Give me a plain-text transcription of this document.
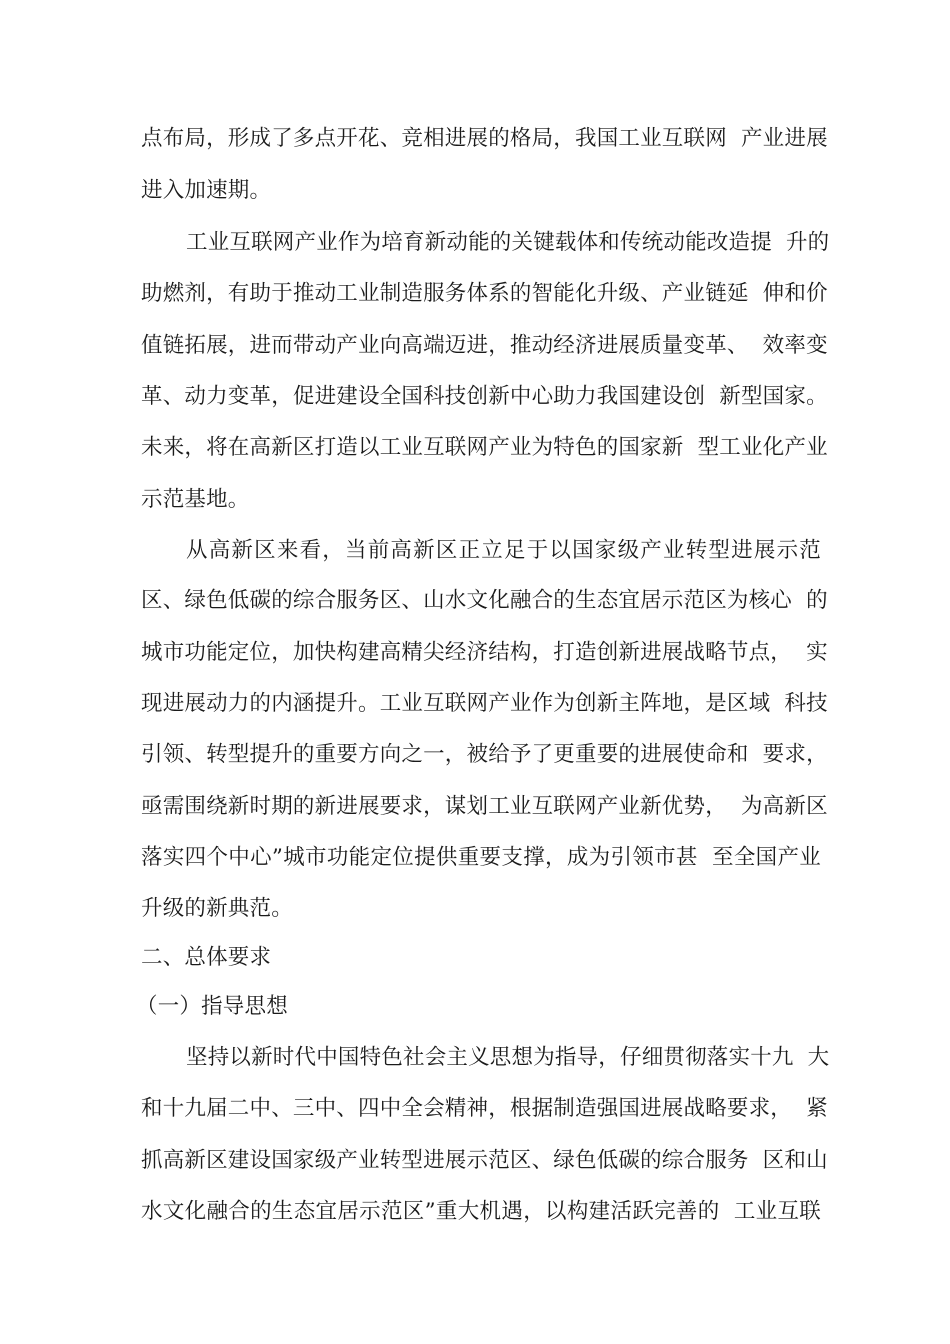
点布局，形成了多点开花、竞相进展的格局，我国工业互联网  产业进展
进入加速期。
工业互联网产业作为培育新动能的关键载体和传统动能改造提  升的
助燃剂，有助于推动工业制造服务体系的智能化升级、产业链延  伸和价
值链拓展，进而带动产业向高端迈进，推动经济进展质量变革、  效率变
革、动力变革，促进建设全国科技创新中心助力我国建设创  新型国家。
未来，将在高新区打造以工业互联网产业为特色的国家新  型工业化产业
示范基地。
从高新区来看，当前高新区正立足于以国家级产业转型进展示范
区、绿色低碳的综合服务区、山水文化融合的生态宜居示范区为核心  的
城市功能定位，加快构建高精尖经济结构，打造创新进展战略节点，  实
现进展动力的内涵提升。工业互联网产业作为创新主阵地，是区域  科技
引领、转型提升的重要方向之一，被给予了更重要的进展使命和  要求，
亟需围绕新时期的新进展要求，谋划工业互联网产业新优势，  为高新区
落实四个中心”城市功能定位提供重要支撑，成为引领市甚  至全国产业
升级的新典范。
二、总体要求
（一）指导思想
坚持以新时代中国特色社会主义思想为指导，仔细贯彻落实十九  大
和十九届二中、三中、四中全会精神，根据制造强国进展战略要求，  紧
抓高新区建设国家级产业转型进展示范区、绿色低碳的综合服务  区和山
水文化融合的生态宜居示范区”重大机遇，以构建活跃完善的  工业互联
